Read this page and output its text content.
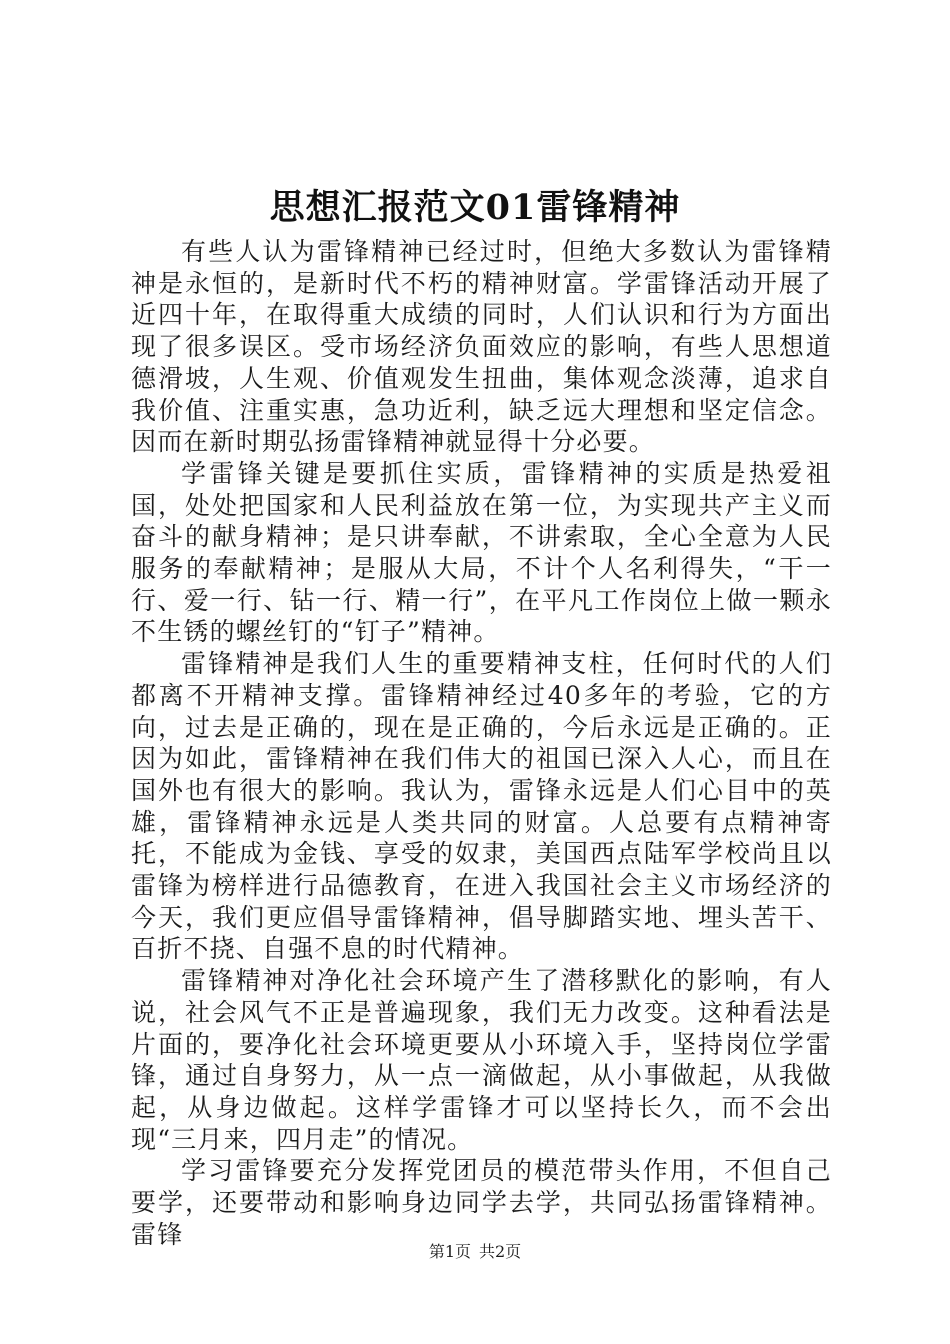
思想汇报范文01雷锋精神

有些人认为雷锋精神已经过时，但绝大多数认为雷锋精神是永恒的，是新时代不朽的精神财富。学雷锋活动开展了近四十年，在取得重大成绩的同时，人们认识和行为方面出现了很多误区。受市场经济负面效应的影响，有些人思想道德滑坡，人生观、价值观发生扭曲，集体观念淡薄，追求自我价值、注重实惠，急功近利，缺乏远大理想和坚定信念。因而在新时期弘扬雷锋精神就显得十分必要。

学雷锋关键是要抓住实质，雷锋精神的实质是热爱祖国，处处把国家和人民利益放在第一位，为实现共产主义而奋斗的献身精神；是只讲奉献，不讲索取，全心全意为人民服务的奉献精神；是服从大局，不计个人名利得失，“干一行、爱一行、钻一行、精一行”，在平凡工作岗位上做一颗永不生锈的螺丝钉的“钉子”精神。

雷锋精神是我们人生的重要精神支柱，任何时代的人们都离不开精神支撑。雷锋精神经过40多年的考验，它的方向，过去是正确的，现在是正确的，今后永远是正确的。正因为如此，雷锋精神在我们伟大的祖国已深入人心，而且在国外也有很大的影响。我认为，雷锋永远是人们心目中的英雄，雷锋精神永远是人类共同的财富。人总要有点精神寄托，不能成为金钱、享受的奴隶，美国西点陆军学校尚且以雷锋为榜样进行品德教育，在进入我国社会主义市场经济的今天，我们更应倡导雷锋精神，倡导脚踏实地、埋头苦干、百折不挠、自强不息的时代精神。

雷锋精神对净化社会环境产生了潜移默化的影响，有人说，社会风气不正是普遍现象，我们无力改变。这种看法是片面的，要净化社会环境更要从小环境入手，坚持岗位学雷锋，通过自身努力，从一点一滴做起，从小事做起，从我做起，从身边做起。这样学雷锋才可以坚持长久，而不会出现“三月来，四月走”的情况。

学习雷锋要充分发挥党团员的模范带头作用，不但自己要学，还要带动和影响身边同学去学，共同弘扬雷锋精神。雷锋

第1页 共2页
